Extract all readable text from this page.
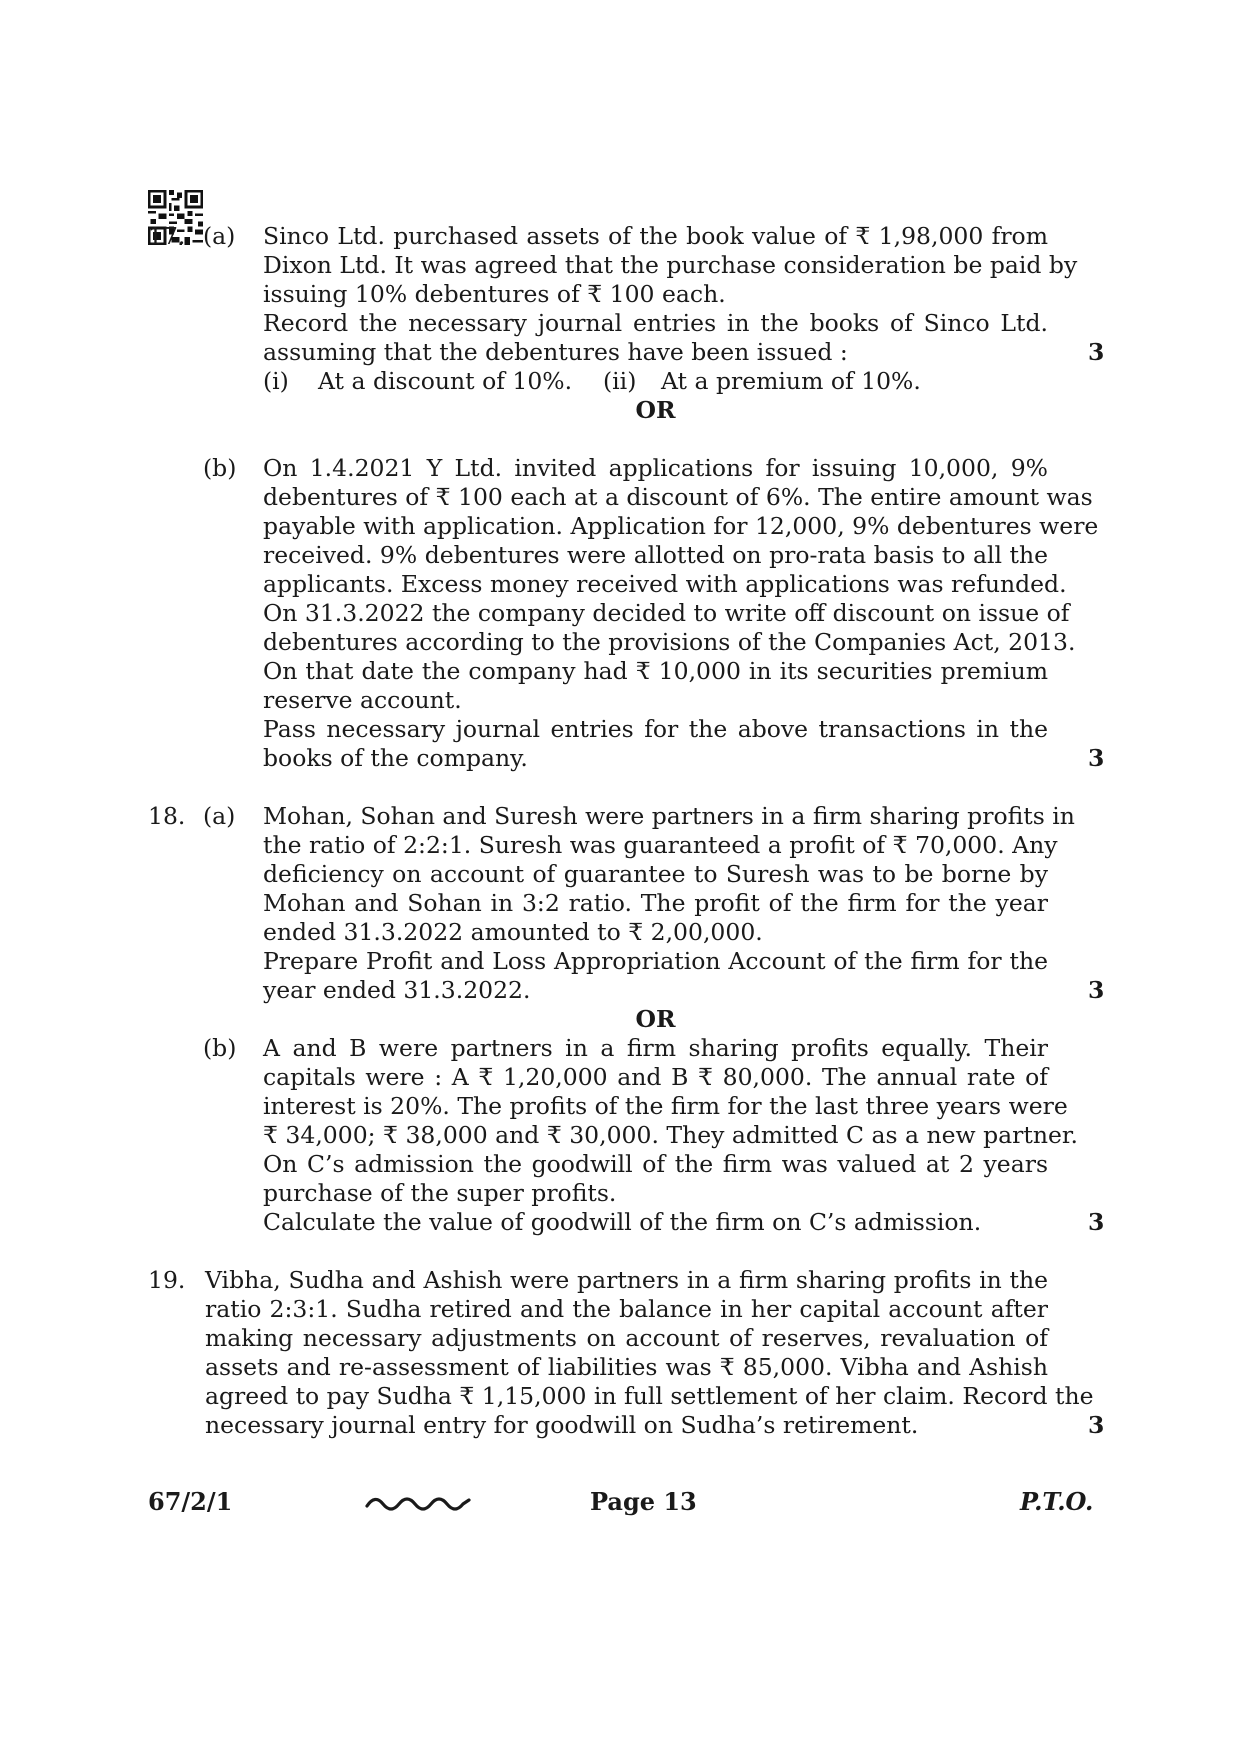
17. (a) Sinco Ltd. purchased assets of the book value of ₹ 1,98,000 from
Dixon Ltd. It was agreed that the purchase consideration be paid by
issuing 10% debentures of ₹ 100 each.
Record the necessary journal entries in the books of Sinco Ltd.
assuming that the debentures have been issued :	3
(i) At a discount of 10%. (ii) At a premium of 10%.
OR
(b) On 1.4.2021 Y Ltd. invited applications for issuing 10,000, 9%
debentures of ₹ 100 each at a discount of 6%. The entire amount was
payable with application. Application for 12,000, 9% debentures were
received. 9% debentures were allotted on pro-rata basis to all the
applicants. Excess money received with applications was refunded.
On 31.3.2022 the company decided to write off discount on issue of
debentures according to the provisions of the Companies Act, 2013.
On that date the company had ₹ 10,000 in its securities premium
reserve account.
Pass necessary journal entries for the above transactions in the
books of the company.	3
18. (a) Mohan, Sohan and Suresh were partners in a firm sharing profits in
the ratio of 2:2:1. Suresh was guaranteed a profit of ₹ 70,000. Any
deficiency on account of guarantee to Suresh was to be borne by
Mohan and Sohan in 3:2 ratio. The profit of the firm for the year
ended 31.3.2022 amounted to ₹ 2,00,000.
Prepare Profit and Loss Appropriation Account of the firm for the
year ended 31.3.2022.	3
OR
(b) A and B were partners in a firm sharing profits equally. Their
capitals were : A ₹ 1,20,000 and B ₹ 80,000. The annual rate of
interest is 20%. The profits of the firm for the last three years were
₹ 34,000; ₹ 38,000 and ₹ 30,000. They admitted C as a new partner.
On C’s admission the goodwill of the firm was valued at 2 years
purchase of the super profits.
Calculate the value of goodwill of the firm on C’s admission.	3
19. Vibha, Sudha and Ashish were partners in a firm sharing profits in the
ratio 2:3:1. Sudha retired and the balance in her capital account after
making necessary adjustments on account of reserves, revaluation of
assets and re-assessment of liabilities was ₹ 85,000. Vibha and Ashish
agreed to pay Sudha ₹ 1,15,000 in full settlement of her claim. Record the
necessary journal entry for goodwill on Sudha’s retirement.	3
67/2/1	Page 13	P.T.O.
